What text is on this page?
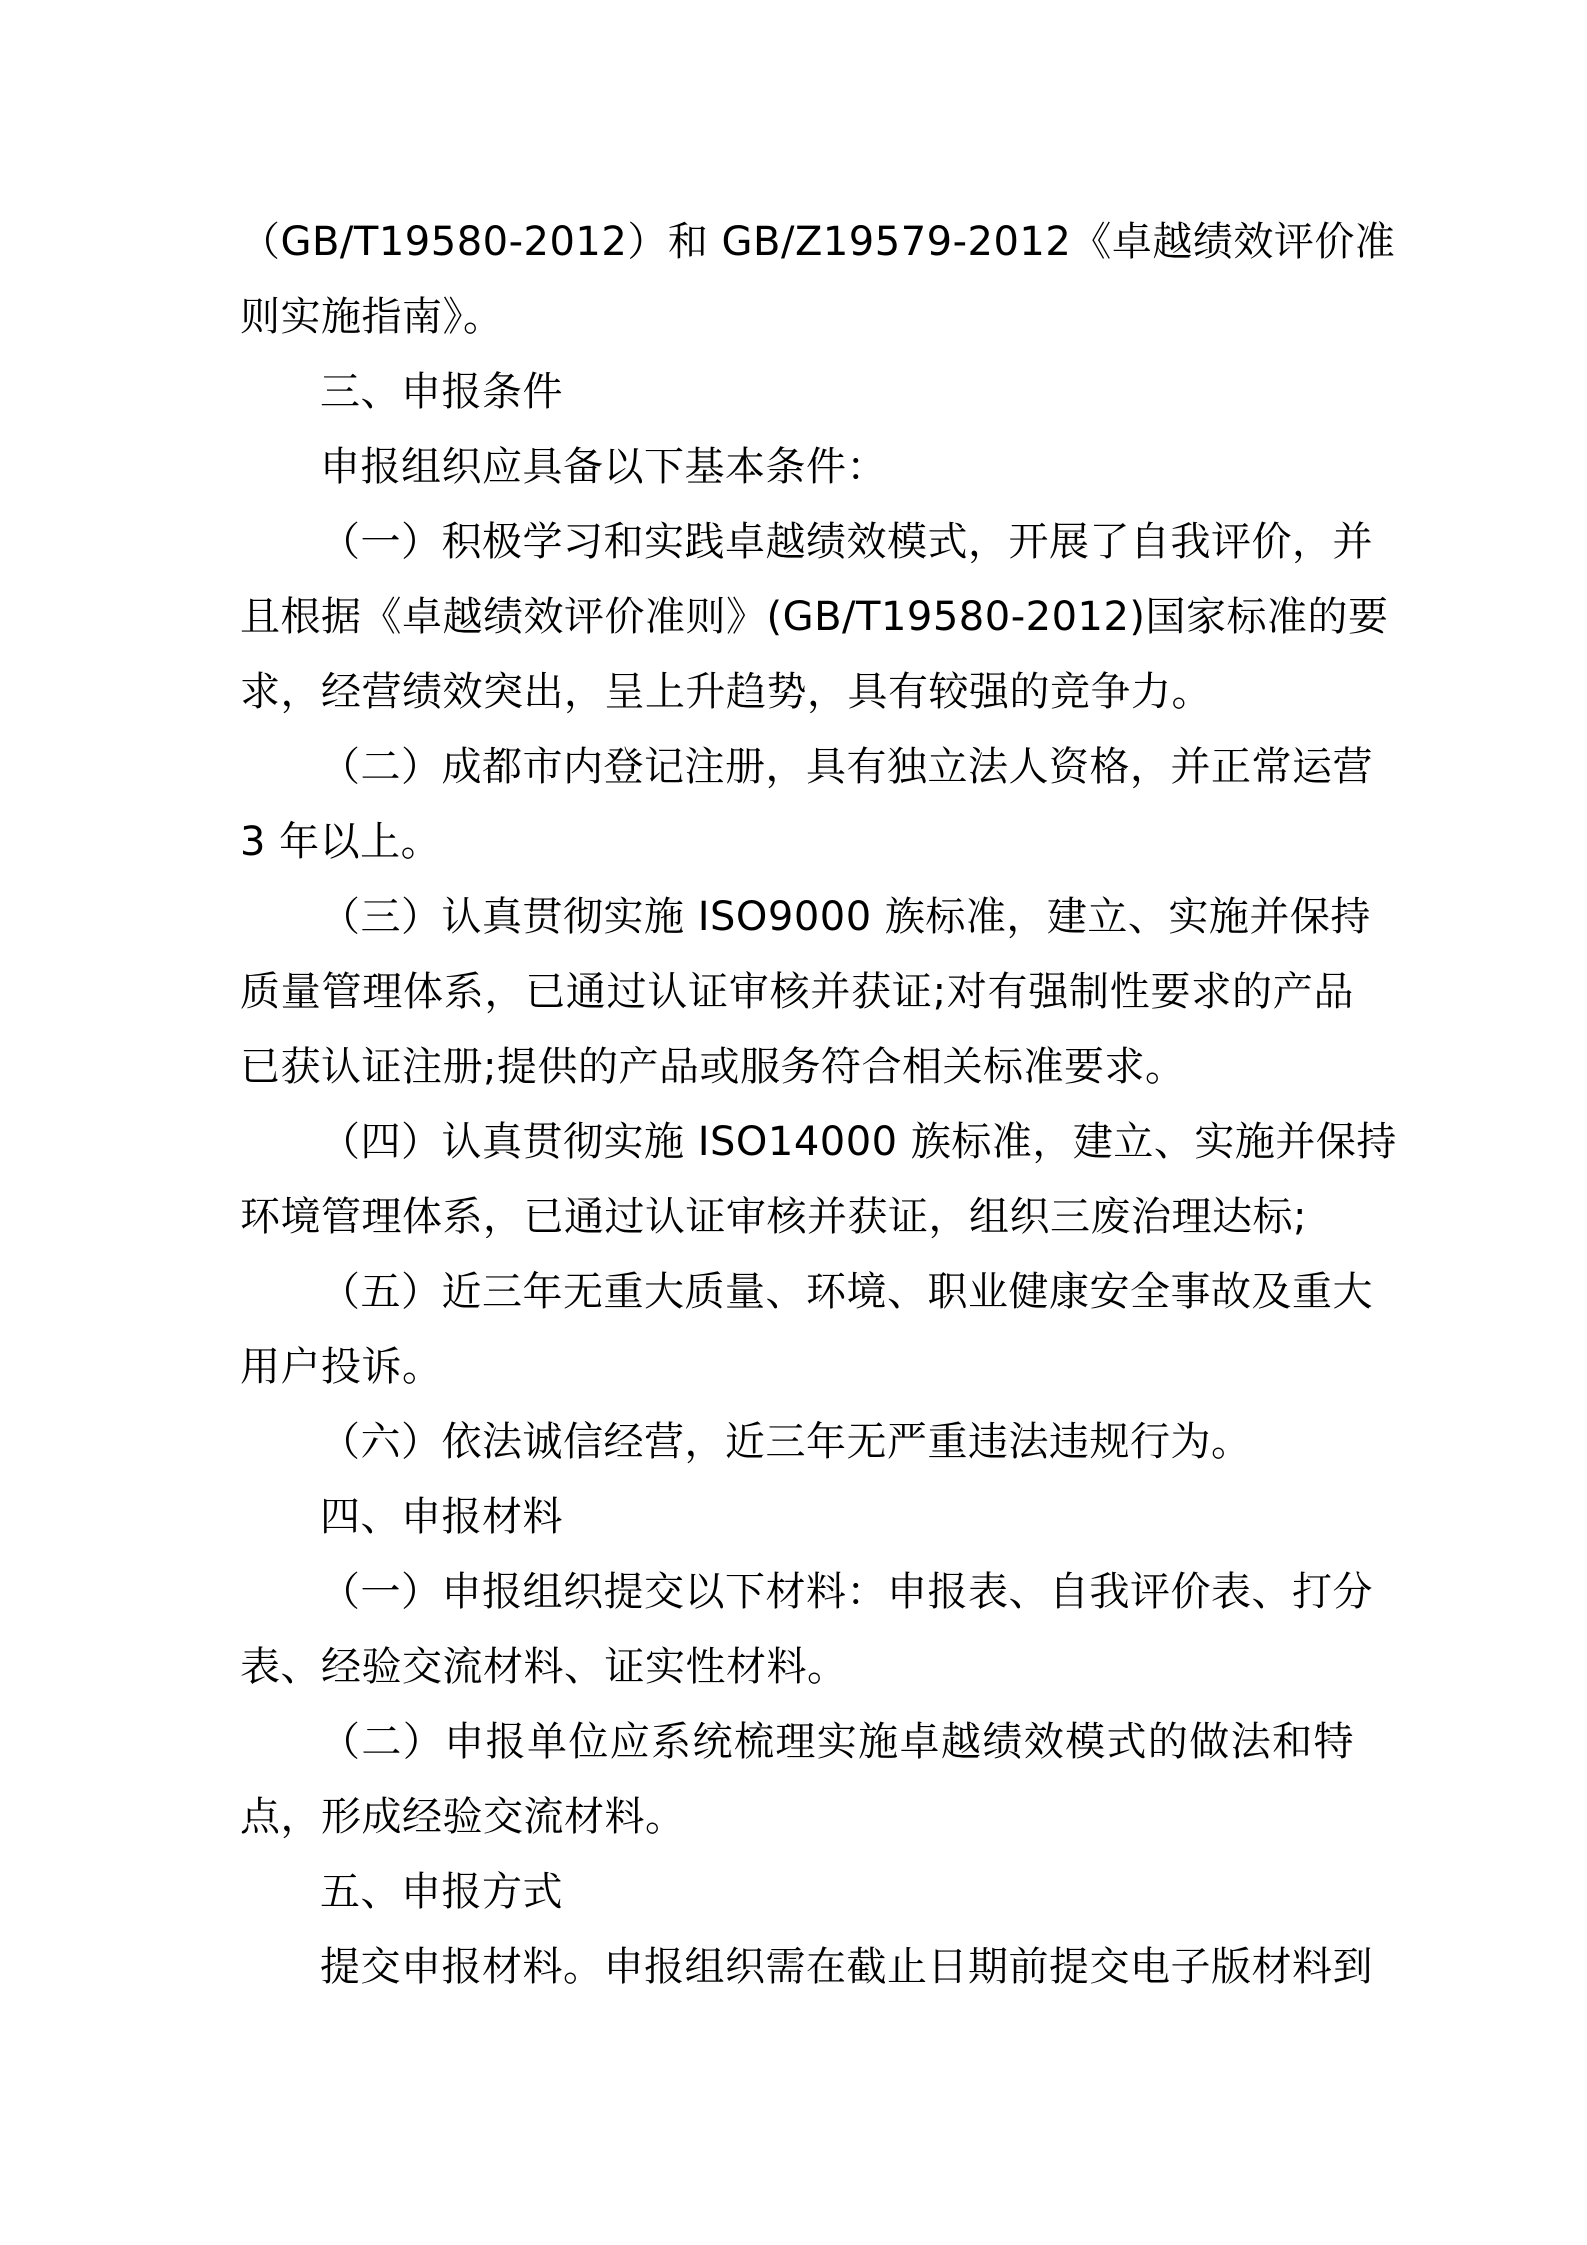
（GB/T19580-2012）和 GB/Z19579-2012《卓越绩效评价准
则实施指南》。
三、申报条件
申报组织应具备以下基本条件：
（一）积极学习和实践卓越绩效模式，开展了自我评价，并
且根据《卓越绩效评价准则》(GB/T19580-2012)国家标准的要
求，经营绩效突出，呈上升趋势，具有较强的竞争力。
（二）成都市内登记注册，具有独立法人资格，并正常运营
3 年以上。
（三）认真贯彻实施 ISO9000 族标准，建立、实施并保持
质量管理体系，已通过认证审核并获证;对有强制性要求的产品
已获认证注册;提供的产品或服务符合相关标准要求。
（四）认真贯彻实施 ISO14000 族标准，建立、实施并保持
环境管理体系，已通过认证审核并获证，组织三废治理达标;
（五）近三年无重大质量、环境、职业健康安全事故及重大
用户投诉。
（六）依法诚信经营，近三年无严重违法违规行为。
四、申报材料
（一）申报组织提交以下材料：申报表、自我评价表、打分
表、经验交流材料、证实性材料。
（二）申报单位应系统梳理实施卓越绩效模式的做法和特
点，形成经验交流材料。
五、申报方式
提交申报材料。申报组织需在截止日期前提交电子版材料到
